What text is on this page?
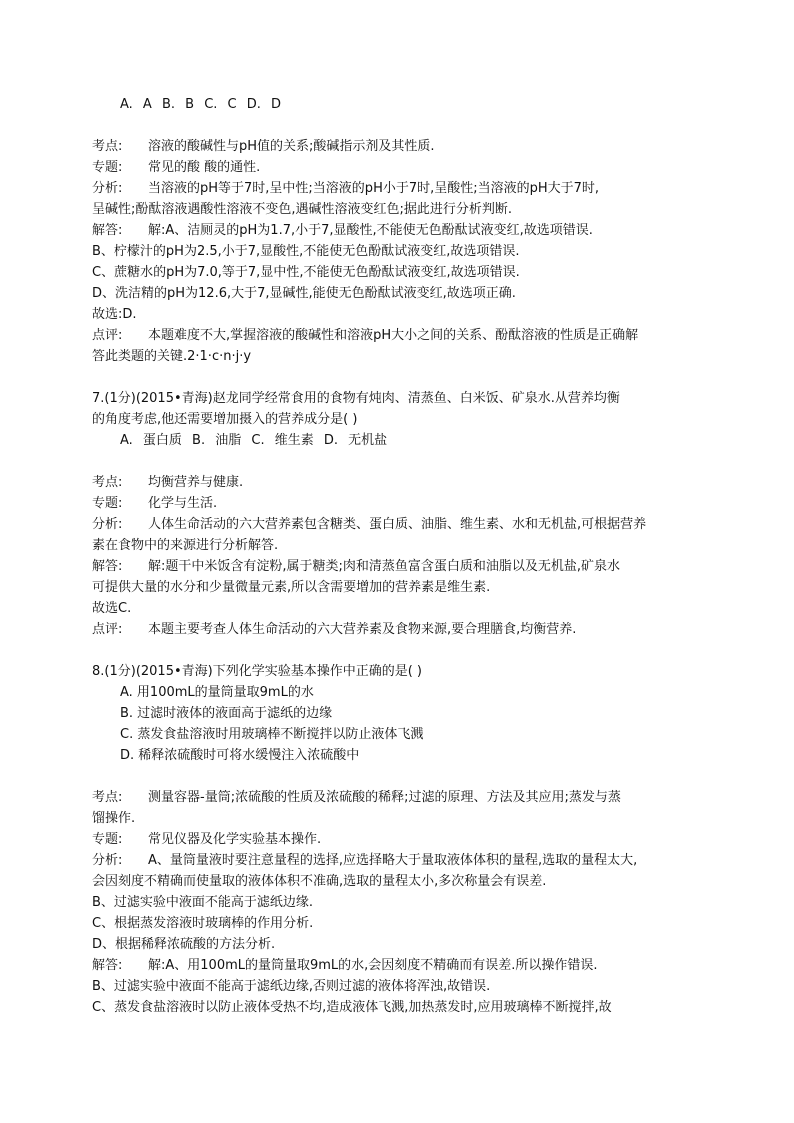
A. A B. B C. C D. D
考点: 溶液的酸碱性与pH值的关系;酸碱指示剂及其性质.
专题: 常见的酸 酸的通性.
分析: 当溶液的pH等于7时,呈中性;当溶液的pH小于7时,呈酸性;当溶液的pH大于7时,
呈碱性;酚酞溶液遇酸性溶液不变色,遇碱性溶液变红色;据此进行分析判断.
解答: 解:A、洁厕灵的pH为1.7,小于7,显酸性,不能使无色酚酞试液变红,故选项错误.
B、柠檬汁的pH为2.5,小于7,显酸性,不能使无色酚酞试液变红,故选项错误.
C、蔗糖水的pH为7.0,等于7,显中性,不能使无色酚酞试液变红,故选项错误.
D、洗洁精的pH为12.6,大于7,显碱性,能使无色酚酞试液变红,故选项正确.
故选:D.
点评: 本题难度不大,掌握溶液的酸碱性和溶液pH大小之间的关系、酚酞溶液的性质是正确解
答此类题的关键.2·1·c·n·j·y
7.(1分)(2015•青海)赵龙同学经常食用的食物有炖肉、清蒸鱼、白米饭、矿泉水.从营养均衡
的角度考虑,他还需要增加摄入的营养成分是( )
A. 蛋白质 B. 油脂 C. 维生素 D. 无机盐
考点: 均衡营养与健康.
专题: 化学与生活.
分析: 人体生命活动的六大营养素包含糖类、蛋白质、油脂、维生素、水和无机盐,可根据营养
素在食物中的来源进行分析解答.
解答: 解:题干中米饭含有淀粉,属于糖类;肉和清蒸鱼富含蛋白质和油脂以及无机盐,矿泉水
可提供大量的水分和少量微量元素,所以含需要增加的营养素是维生素.
故选C.
点评: 本题主要考查人体生命活动的六大营养素及食物来源,要合理膳食,均衡营养.
8.(1分)(2015•青海)下列化学实验基本操作中正确的是( )
A. 用100mL的量筒量取9mL的水
B. 过滤时液体的液面高于滤纸的边缘
C. 蒸发食盐溶液时用玻璃棒不断搅拌以防止液体飞溅
D. 稀释浓硫酸时可将水缓慢注入浓硫酸中
考点: 测量容器-量筒;浓硫酸的性质及浓硫酸的稀释;过滤的原理、方法及其应用;蒸发与蒸
馏操作.
专题: 常见仪器及化学实验基本操作.
分析: A、量筒量液时要注意量程的选择,应选择略大于量取液体体积的量程,选取的量程太大,
会因刻度不精确而使量取的液体体积不准确,选取的量程太小,多次称量会有误差.
B、过滤实验中液面不能高于滤纸边缘.
C、根据蒸发溶液时玻璃棒的作用分析.
D、根据稀释浓硫酸的方法分析.
解答: 解:A、用100mL的量筒量取9mL的水,会因刻度不精确而有误差.所以操作错误.
B、过滤实验中液面不能高于滤纸边缘,否则过滤的液体将浑浊,故错误.
C、蒸发食盐溶液时以防止液体受热不均,造成液体飞溅,加热蒸发时,应用玻璃棒不断搅拌,故
